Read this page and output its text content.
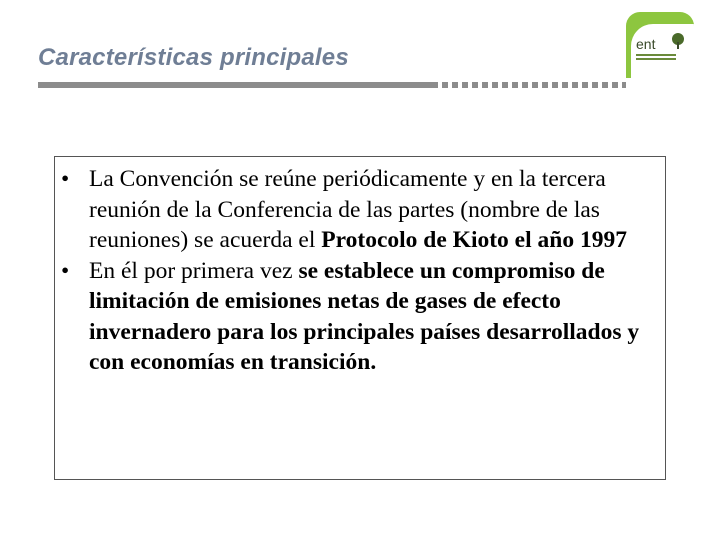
Características principales	ent
• La Convención se reúne periódicamente y en la tercera reunión de la Conferencia de las partes (nombre de las reuniones) se acuerda el Protocolo de Kioto el año 1997
• En él por primera vez se establece un compromiso de limitación de emisiones netas de gases de efecto invernadero para los principales países desarrollados y con economías en transición.
